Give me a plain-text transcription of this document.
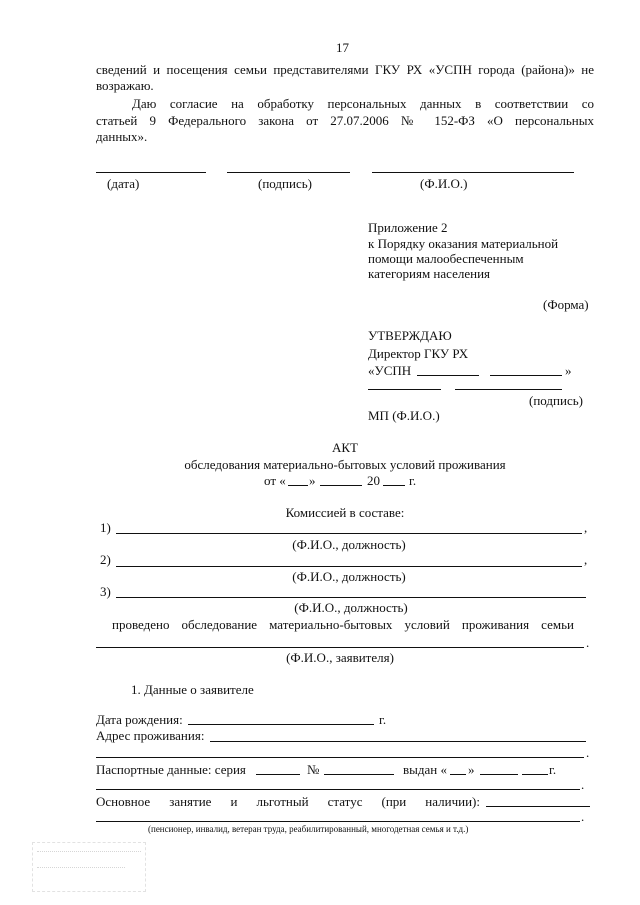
17
сведений и посещения семьи представителями ГКУ РХ «УСПН города (района)» не
возражаю.
Даю согласие на обработку персональных данных в соответствии со
статьей 9 Федерального закона от 27.07.2006 № 152-ФЗ «О персональных
данных».
(дата)	(подпись)	(Ф.И.О.)
Приложение 2
к Порядку оказания материальной
помощи малообеспеченным
категориям населения
(Форма)
УТВЕРЖДАЮ
Директор ГКУ РХ
«УСПН	»
(подпись)
МП (Ф.И.О.)
АКТ
обследования материально-бытовых условий проживания
от « »	20 г.
Комиссией в составе:
1)	,
(Ф.И.О., должность)
2)	,
(Ф.И.О., должность)
3)
(Ф.И.О., должность)
проведено обследование материально-бытовых условий проживания семьи
.
(Ф.И.О., заявителя)
1. Данные о заявителе
Дата рождения:	г.
Адрес проживания:
.
Паспортные данные: серия	№	выдан « »	г.
.
Основное занятие и льготный статус (при наличии):
.
(пенсионер, инвалид, ветеран труда, реабилитированный, многодетная семья и т.д.)
